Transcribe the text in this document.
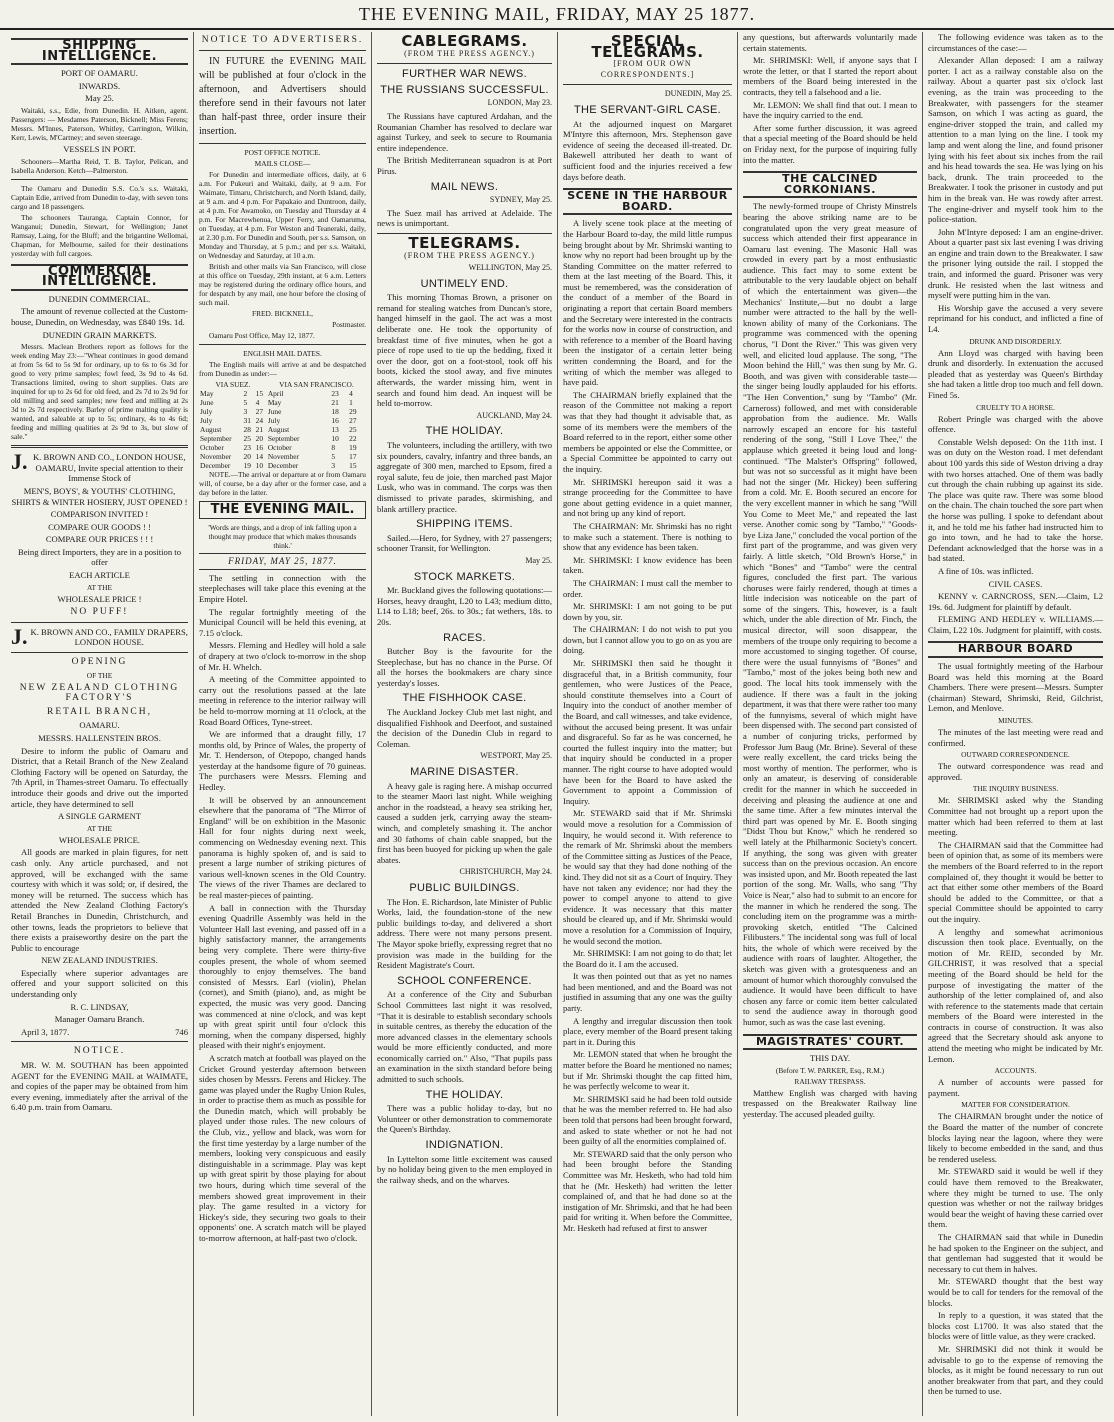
THE EVENING MAIL, FRIDAY, MAY 25 1877.
SHIPPING INTELLIGENCE.

PORT OF OAMARU.

INWARDS.

May 25.

Waitaki, s.s., Edie, from Dunedin. H. Aitken, agent. Passengers: — Mesdames Paterson, Bicknell; Miss Ferens; Messrs. M'Innes, Paterson, Whitley, Carrington, Wilkin, Kerr, Lewis, M'Cartney; and seven steerage.

VESSELS IN PORT.

Schooners—Martha Reid, T. B. Taylor, Pelican, and Isabella Anderson. Ketch—Palmerston.

The Oamaru and Dunedin S.S. Co.'s s.s. Waitaki, Captain Edie, arrived from Dunedin to-day, with seven tons cargo and 18 passengers.

The schooners Tauranga, Captain Connor, for Wanganui; Dunedin, Stewart, for Wellington; Janet Ramsay, Laing, for the Bluff; and the brigantine Wellomai, Chapman, for Melbourne, sailed for their destinations yesterday with full cargoes.

COMMERCIAL INTELLIGENCE.

DUNEDIN COMMERCIAL.

The amount of revenue collected at the Custom-house, Dunedin, on Wednesday, was £840 19s. 1d.

DUNEDIN GRAIN MARKETS.

Messrs. Maclean Brothers report as follows for the week ending May 23:—"Wheat continues in good demand at from 5s 6d to 5s 9d for ordinary, up to 6s to 6s 3d for good to very prime samples; fowl feed, 3s 9d to 4s 6d. Transactions limited, owing to short supplies. Oats are inquired for up to 2s 6d for old feed, and 2s 7d to 2s 9d for old milling and seed samples; new feed and milling at 2s 3d to 2s 7d respectively. Barley of prime malting quality is wanted, and saleable at up to 5s; ordinary, 4s to 4s 6d; feeding and milling qualities at 2s 9d to 3s, but slow of sale."

J. K. BROWN AND CO., LONDON HOUSE, OAMARU, Invite special attention to their Immense Stock of

MEN'S, BOYS', & YOUTHS' CLOTHING, SHIRTS & WINTER HOSIERY, JUST OPENED !

COMPARISON INVITED !

COMPARE OUR GOODS ! !

COMPARE OUR PRICES ! ! !

Being direct Importers, they are in a position to offer

EACH ARTICLE

AT THE

WHOLESALE PRICE !

NO PUFF!
J. K. BROWN AND CO., FAMILY DRAPERS, LONDON HOUSE.

OPENING

OF THE

NEW ZEALAND CLOTHING FACTORY'S
RETAIL BRANCH,

OAMARU.

MESSRS. HALLENSTEIN BROS.

Desire to inform the public of Oamaru and District, that a Retail Branch of the New Zealand Clothing Factory will be opened on Saturday, the 7th April, in Thames-street Oamaru. To effectually introduce their goods and drive out the imported article, they have determined to sell

A SINGLE GARMENT

AT THE

WHOLESALE PRICE.

All goods are marked in plain figures, for nett cash only. Any article purchased, and not approved, will be exchanged with the same courtesy with which it was sold; or, if desired, the money will be returned. The success which has attended the New Zealand Clothing Factory's Retail Branches in Dunedin, Christchurch, and other towns, leads the proprietors to believe that there exists a praiseworthy desire on the part the Public to encourage

NEW ZEALAND INDUSTRIES.

Especially where superior advantages are offered and your support solicited on this understanding only

R. C. LINDSAY,

Manager Oamaru Branch.

April 3, 1877.	746

NOTICE.

MR. W. M. SOUTHAN has been appointed AGENT for the EVENING MAIL at WAIMATE, and copies of the paper may be obtained from him every evening, immediately after the arrival of the 6.40 p.m. train from Oamaru.

NOTICE TO ADVERTISERS.

IN FUTURE the EVENING MAIL will be published at four o'clock in the afternoon, and Advertisers should therefore send in their favours not later than half-past three, order insure their insertion.

POST OFFICE NOTICE.

MAILS CLOSE—

For Dunedin and intermediate offices, daily, at 6 a.m. For Pukeuri and Waitaki, daily, at 9 a.m. For Waimate, Timaru, Christchurch, and North Island, daily, at 9 a.m. and 4 p.m. For Papakaio and Duntroon, daily, at 4 p.m. For Awamoko, on Tuesday and Thursday at 4 p.m. For Macrewhenua, Upper Ferry, and Oamaruma, on Tuesday, at 4 p.m. For Weston and Teaneraki, daily, at 2.30 p.m. For Dunedin and South, per s.s. Samson, on Monday and Thursday, at 5 p.m.; and per s.s. Waitaki, on Wednesday and Saturday, at 10 a.m.

British and other mails via San Francisco, will close at this office on Tuesday, 29th instant, at 6 a.m. Letters may be registered during the ordinary office hours, and for despatch by any mail, one hour before the closing of such mail.

FRED. BICKNELL,

Postmaster.

Oamaru Post Office, May 12, 1877.

ENGLISH MAIL DATES.

The English mails will arrive at and be despatched from Dunedin as under:—

VIA SUEZ.			VIA SAN FRANCISCO.		
May	2	15	April	23	4
June	5	4	May	21	1
July	3	27	June	18	29
July	31	24	July	16	27
August	28	21	August	13	25
September	25	20	September	10	22
October	23	16	October	8	19
November	20	14	November	5	17
December	19	10	December	3	15

NOTE.—The arrival or departure at or from Oamaru will, of course, be a day after or the former case, and a day before in the latter.

THE EVENING MAIL.

'Words are things, and a drop of ink falling upon a thought may produce that which makes thousands think.'

FRIDAY, MAY 25, 1877.

The settling in connection with the steeplechases will take place this evening at the Empire Hotel.

The regular fortnightly meeting of the Municipal Council will be held this evening, at 7.15 o'clock.

Messrs. Fleming and Hedley will hold a sale of drapery at two o'clock to-morrow in the shop of Mr. H. Whelch.

A meeting of the Committee appointed to carry out the resolutions passed at the late meeting in reference to the interior railway will be held to-morrow morning at 11 o'clock, at the Road Board Offices, Tyne-street.

We are informed that a draught filly, 17 months old, by Prince of Wales, the property of Mr. T. Henderson, of Otepopo, changed hands yesterday at the handsome figure of 70 guineas. The purchasers were Messrs. Fleming and Hedley.

It will be observed by an announcement elsewhere that the panorama of "The Mirror of England" will be on exhibition in the Masonic Hall for four nights during next week, commencing on Wednesday evening next. This panorama is highly spoken of, and is said to present a large number of striking pictures of various well-known scenes in the Old Country. The views of the river Thames are declared to be real master-pieces of painting.

A ball in connection with the Thursday evening Quadrille Assembly was held in the Volunteer Hall last evening, and passed off in a highly satisfactory manner, the arrangements being very complete. There were thirty-five couples present, the whole of whom seemed thoroughly to enjoy themselves. The band consisted of Messrs. Earl (violin), Phelan (cornet), and Smith (piano), and, as might be expected, the music was very good. Dancing was commenced at nine o'clock, and was kept up with great spirit until four o'clock this morning, when the company dispersed, highly pleased with their night's enjoyment.

A scratch match at football was played on the Cricket Ground yesterday afternoon between sides chosen by Messrs. Ferens and Hickey. The game was played under the Rugby Union Rules, in order to practise them as much as possible for the Dunedin match, which will probably be played under those rules. The new colours of the Club, viz., yellow and black, was worn for the first time yesterday by a large number of the members, looking very conspicuous and easily distinguishable in a scrimmage. Play was kept up with great spirit by those playing for about two hours, during which time several of the members showed great improvement in their play. The game resulted in a victory for Hickey's side, they securing two goals to their opponents' one. A scratch match will be played to-morrow afternoon, at half-past two o'clock.

CABLEGRAMS.

(FROM THE PRESS AGENCY.)

FURTHER WAR NEWS.
THE RUSSIANS SUCCESSFUL.

LONDON, May 23.

The Russians have captured Ardahan, and the Roumanian Chamber has resolved to declare war against Turkey, and seek to secure to Roumania entire independence.

The British Mediterranean squadron is at Port Pirus.

MAIL NEWS.

SYDNEY, May 25.

The Suez mail has arrived at Adelaide. The news is unimportant.

TELEGRAMS.

(FROM THE PRESS AGENCY.)

WELLINGTON, May 25.

UNTIMELY END.

This morning Thomas Brown, a prisoner on remand for stealing watches from Duncan's store, hanged himself in the gaol. The act was a most deliberate one. He took the opportunity of breakfast time of five minutes, when he got a piece of rope used to tie up the bedding, fixed it over the door, got on a foot-stool, took off his boots, kicked the stool away, and five minutes afterwards, the warder missing him, went in search and found him dead. An inquest will be held to-morrow.

AUCKLAND, May 24.

THE HOLIDAY.

The volunteers, including the artillery, with two six pounders, cavalry, infantry and three bands, an aggregate of 300 men, marched to Epsom, fired a royal salute, feu de joie, then marched past Major Lusk, who was in command. The corps was then dismissed to private parades, skirmishing, and blank artillery practice.

SHIPPING ITEMS.

Sailed.—Hero, for Sydney, with 27 passengers; schooner Transit, for Wellington.

May 25.

STOCK MARKETS.

Mr. Buckland gives the following quotations:—Horses, heavy draught, L20 to L43; medium ditto, L14 to L18; beef, 26s. to 30s.; fat wethers, 18s. to 20s.

RACES.

Butcher Boy is the favourite for the Steeplechase, but has no chance in the Purse. Of all the horses the bookmakers are chary since yesterday's losses.

THE FISHHOOK CASE.

The Auckland Jockey Club met last night, and disqualified Fishhook and Deerfoot, and sustained the decision of the Dunedin Club in regard to Coleman.

WESTPORT, May 25.

MARINE DISASTER.

A heavy gale is raging here. A mishap occurred to the steamer Maori last night. While weighing anchor in the roadstead, a heavy sea striking her, caused a sudden jerk, carrying away the steam-winch, and completely smashing it. The anchor and 30 fathoms of chain cable snapped, but the first has been buoyed for picking up when the gale abates.

CHRISTCHURCH, May 24.

PUBLIC BUILDINGS.

The Hon. E. Richardson, late Minister of Public Works, laid, the foundation-stone of the new public buildings to-day, and delivered a short address. There were not many persons present. The Mayor spoke briefly, expressing regret that no provision was made in the building for the Resident Magistrate's Court.

SCHOOL CONFERENCE.

At a conference of the City and Suburban School Committees last night it was resolved, "That it is desirable to establish secondary schools in suitable centres, as thereby the education of the more advanced classes in the elementary schools would be more efficiently conducted, and more economically carried on." Also, "That pupils pass an examination in the sixth standard before being admitted to such schools.

THE HOLIDAY.

There was a public holiday to-day, but no Volunteer or other demonstration to commemorate the Queen's Birthday.

INDIGNATION.

In Lyttelton some little excitement was caused by no holiday being given to the men employed in the railway sheds, and on the wharves.

SPECIAL TELEGRAMS.

[FROM OUR OWN CORRESPONDENTS.]

DUNEDIN, May 25.

THE SERVANT-GIRL CASE.

At the adjourned inquest on Margaret M'Intyre this afternoon, Mrs. Stephenson gave evidence of seeing the deceased ill-treated. Dr. Bakewell attributed her death to want of sufficient food and the injuries received a few days before death.

SCENE IN THE HARBOUR BOARD.

A lively scene took place at the meeting of the Harbour Board to-day, the mild little rumpus being brought about by Mr. Shrimski wanting to know why no report had been brought up by the Standing Committee on the matter referred to them at the last meeting of the Board. This, it must be remembered, was the consideration of the conduct of a member of the Board in originating a report that certain Board members and the Secretary were interested in the contracts for the works now in course of construction, and with reference to a member of the Board having been the instigator of a certain letter being written condemning the Board, and for the writing of which the member was alleged to have paid.

The CHAIRMAN briefly explained that the reason of the Committee not making a report was that they had thought it advisable that, as some of its members were the members of the Board referred to in the report, either some other members be appointed or else the Committee, or a Special Committee be appointed to carry out the inquiry.

Mr. SHRIMSKI hereupon said it was a strange proceeding for the Committee to have gone about getting evidence in a quiet manner, and not bring up any kind of report.

The CHAIRMAN: Mr. Shrimski has no right to make such a statement. There is nothing to show that any evidence has been taken.

Mr. SHRIMSKI: I know evidence has been taken.

The CHAIRMAN: I must call the member to order.

Mr. SHRIMSKI: I am not going to be put down by you, sir.

The CHAIRMAN: I do not wish to put you down, but I cannot allow you to go on as you are doing.

Mr. SHRIMSKI then said he thought it disgraceful that, in a British community, four gentlemen, who were Justices of the Peace, should constitute themselves into a Court of Inquiry into the conduct of another member of the Board, and call witnesses, and take evidence, without the accused being present. It was unfair and disgraceful. So far as he was concerned, he courted the fullest inquiry into the matter; but that inquiry should be conducted in a proper manner. The right course to have adopted would have been for the Board to have asked the Government to appoint a Commission of Inquiry.

Mr. STEWARD said that if Mr. Shrimski would move a resolution for a Commission of Inquiry, he would second it. With reference to the remark of Mr. Shrimski about the members of the Committee sitting as Justices of the Peace, he would say that they had done nothing of the kind. They did not sit as a Court of Inquiry. They have not taken any evidence; nor had they the power to compel anyone to attend to give evidence. It was necessary that this matter should be cleared up, and if Mr. Shrimski would move a resolution for a Commission of Inquiry, he would second the motion.

Mr. SHRIMSKI: I am not going to do that; let the Board do it. I am the accused.

It was then pointed out that as yet no names had been mentioned, and and the Board was not justified in assuming that any one was the guilty party.

A lengthy and irregular discussion then took place, every member of the Board present taking part in it. During this

Mr. LEMON stated that when he brought the matter before the Board he mentioned no names; but if Mr. Shrimski thought the cap fitted him, he was perfectly welcome to wear it.

Mr. SHRIMSKI said he had been told outside that he was the member referred to. He had also been told that persons had been brought forward, and asked to state whether or not he had not been guilty of all the enormities complained of.

Mr. STEWARD said that the only person who had been brought before the Standing Committee was Mr. Hesketh, who had told him that he (Mr. Hesketh) had written the letter complained of, and that he had done so at the instigation of Mr. Shrimski, and that he had been paid for writing it. When before the Committee, Mr. Hesketh had refused at first to answer

any questions, but afterwards voluntarily made certain statements.

Mr. SHRIMSKI: Well, if anyone says that I wrote the letter, or that I started the report about members of the Board being interested in the contracts, they tell a falsehood and a lie.

Mr. LEMON: We shall find that out. I mean to have the inquiry carried to the end.

After some further discussion, it was agreed that a special meeting of the Board should be held on Friday next, for the purpose of inquiring fully into the matter.

THE CALCINED CORKONIANS.

The newly-formed troupe of Christy Minstrels bearing the above striking name are to be congratulated upon the very great measure of success which attended their first appearance in Oamaru last evening. The Masonic Hall was crowded in every part by a most enthusiastic audience. This fact may to some extent be attributable to the very laudable object on behalf of which the entertainment was given—the Mechanics' Institute,—but no doubt a large number were attracted to the hall by the well-known ability of many of the Corkonians. The programme was commenced with the opening chorus, "I Dont the River." This was given very well, and elicited loud applause. The song, "The Moon behind the Hill," was then sung by Mr. G. Booth, and was given with considerable taste—the singer being loudly applauded for his efforts. "The Hen Convention," sung by "Tambo" (Mr. Carneross) followed, and met with considerable approbation from the audience. Mr. Walls narrowly escaped an encore for his tasteful rendering of the song, "Still I Love Thee," the applause which greeted it being loud and long-continued. "The Malster's Offspring" followed, but was not so successful as it might have been had not the singer (Mr. Hickey) been suffering from a cold. Mr. E. Booth secured an encore for the very excellent manner in which he sang "Will You Come to Meet Me," and repeated the last verse. Another comic song by "Tambo," "Goods-bye Liza Jane," concluded the vocal portion of the first part of the programme, and was given very fairly. A little sketch, "Old Brown's Horse," in which "Bones" and "Tambo" were the central figures, concluded the first part. The various choruses were fairly rendered, though at times a little indecision was noticeable on the part of some of the singers. This, however, is a fault which, under the able direction of Mr. Finch, the musical director, will soon disappear, the members of the troupe only requiring to become a more accustomed to singing together. Of course, there were the usual funnyisms of "Bones" and "Tambo," most of the jokes being both new and good. The local hits took immensely with the audience. If there was a fault in the joking department, it was that there were rather too many of the funnyisms, several of which might have been dispensed with. The second part consisted of a number of conjuring tricks, performed by Professor Jum Baug (Mr. Brine). Several of these were really excellent, the card tricks being the most worthy of mention. The performer, who is only an amateur, is deserving of considerable credit for the manner in which he succeeded in deceiving and pleasing the audience at one and the same time. After a few minutes interval the third part was opened by Mr. E. Booth singing "Didst Thou but Know," which he rendered so well lately at the Philharmonic Society's concert. If anything, the song was given with greater success than on the previous occasion. An encore was insisted upon, and Mr. Booth repeated the last portion of the song. Mr. Walls, who sang "Thy Voice is Near," also had to submit to an encore for the manner in which he rendered the song. The concluding item on the programme was a mirth-provoking sketch, entitled "The Calcined Filibusters." The incidental song was full of local hits, the whole of which were received by the audience with roars of laughter. Altogether, the sketch was given with a grotesqueness and an amount of humor which thoroughly convulsed the audience. It would have been difficult to have chosen any farce or comic item better calculated to send the audience away in thorough good humor, such as was the case last evening.

MAGISTRATES' COURT.

THIS DAY.

(Before T. W. PARKER, Esq., R.M.)

RAILWAY TRESPASS.

Matthew English was charged with having trespassed on the Breakwater Railway line yesterday. The accused pleaded guilty.

The following evidence was taken as to the circumstances of the case:—

Alexander Allan deposed: I am a railway porter. I act as a railway constable also on the railway. About a quarter past six o'clock last evening, as the train was proceeding to the Breakwater, with passengers for the steamer Samson, on which I was acting as guard, the engine-driver stopped the train, and called my attention to a man lying on the line. I took my lamp and went along the line, and found prisoner lying with his feet about six inches from the rail and his head towards the sea. He was lying on his back, drunk. The train proceeded to the Breakwater. I took the prisoner in custody and put him in the break van. He was rowdy after arrest. The engine-driver and myself took him to the police-station.

John M'Intyre deposed: I am an engine-driver. About a quarter past six last evening I was driving an engine and train down to the Breakwater. I saw the prisoner lying outside the rail. I stopped the train, and informed the guard. Prisoner was very drunk. He resisted when the last witness and myself were putting him in the van.

His Worship gave the accused a very severe reprimand for his conduct, and inflicted a fine of L4.

DRUNK AND DISORDERLY.

Ann Lloyd was charged with having been drunk and disorderly. In extenuation the accused pleaded that as yesterday was Queen's Birthday she had taken a little drop too much and fell down. Fined 5s.

CRUELTY TO A HORSE.

Robert Pringle was charged with the above offence.

Constable Welsh deposed: On the 11th inst. I was on duty on the Weston road. I met defendant about 100 yards this side of Weston driving a dray with two horses attached. One of them was badly cut through the chain rubbing up against its side. The place was quite raw. There was some blood on the chain. The chain touched the sore part when the horse was pulling. I spoke to defendant about it, and he told me his father had instructed him to go into town, and he had to take the horse. Defendant acknowledged that the horse was in a bad stated.

A fine of 10s. was inflicted.

CIVIL CASES.

KENNY v. CARNCROSS, SEN.—Claim, L2 19s. 6d. Judgment for plaintiff by default.

FLEMING AND HEDLEY v. WILLIAMS.—Claim, L22 10s. Judgment for plaintiff, with costs.

HARBOUR BOARD

The usual fortnightly meeting of the Harbour Board was held this morning at the Board Chambers. There were present—Messrs. Sumpter (chairman) Steward, Shrimski, Reid, Gilchrist, Lemon, and Menlove.

MINUTES.

The minutes of the last meeting were read and confirmed.

OUTWARD CORRESPONDENCE.

The outward correspondence was read and approved.

THE INQUIRY BUSINESS.

Mr. SHRIMSKI asked why the Standing Committee had not brought up a report upon the matter which had been referred to them at last meeting.

The CHAIRMAN said that the Committee had been of opinion that, as some of its members were the members of the Board referred to in the report complained of, they thought it would be better to act that either some other members of the Board should be added to the Committee, or that a special Committee should be appointed to carry out the inquiry.

A lengthy and somewhat acrimonious discussion then took place. Eventually, on the motion of Mr. REID, seconded by Mr. GILCHRIST, it was resolved that a special meeting of the Board should be held for the purpose of investigating the matter of the authorship of the letter complained of, and also with reference to the statements made that certain members of the Board were interested in the contracts in course of construction. It was also agreed that the Secretary should ask anyone to attend the meeting who might be indicated by Mr. Lemon.

ACCOUNTS.

A number of accounts were passed for payment.

MATTER FOR CONSIDERATION.

The CHAIRMAN brought under the notice of the Board the matter of the number of concrete blocks laying near the lagoon, where they were likely to become embedded in the sand, and thus be rendered useless.

Mr. STEWARD said it would be well if they could have them removed to the Breakwater, where they might be turned to use. The only question was whether or not the railway bridges would bear the weight of having these carried over them.

The CHAIRMAN said that while in Dunedin he had spoken to the Engineer on the subject, and that gentleman had suggested that it would be necessary to cut them in halves.

Mr. STEWARD thought that the best way would be to call for tenders for the removal of the blocks.

In reply to a question, it was stated that the blocks cost L1700. It was also stated that the blocks were of little value, as they were cracked.

Mr. SHRIMSKI did not think it would be advisable to go to the expense of removing the blocks, as it might be found necessary to run out another breakwater from that part, and they could then be turned to use.
